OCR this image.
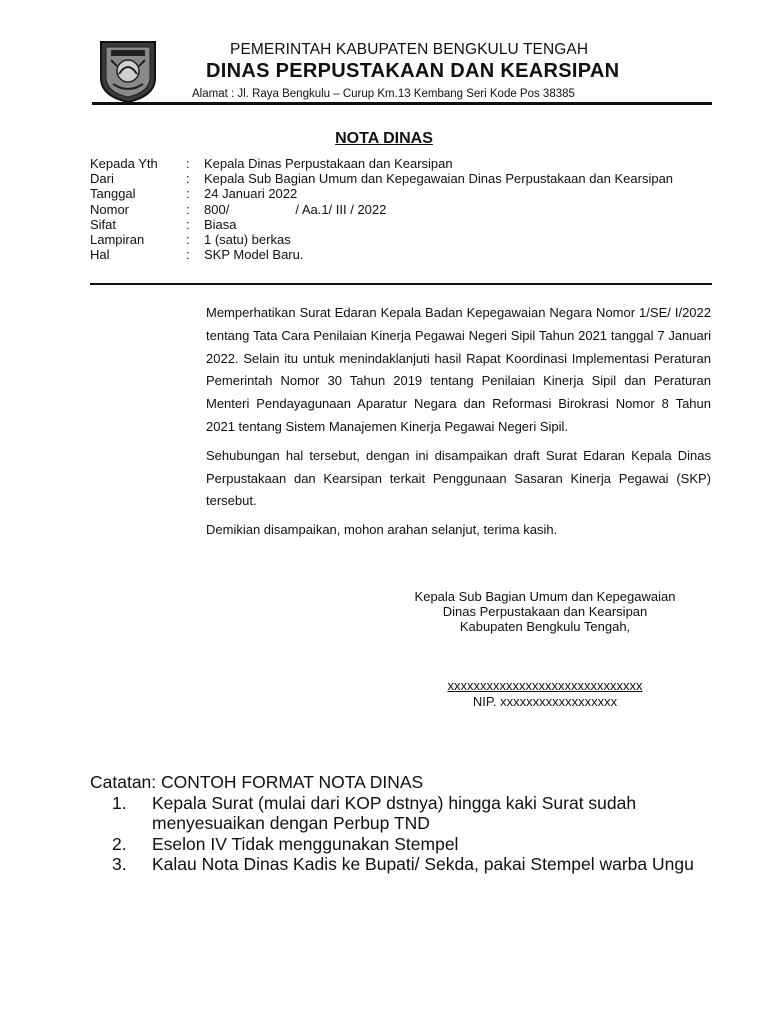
PEMERINTAH KABUPATEN BENGKULU TENGAH
DINAS PERPUSTAKAAN DAN KEARSIPAN
Alamat : Jl. Raya Bengkulu – Curup Km.13 Kembang Seri Kode Pos 38385
NOTA DINAS
Kepada Yth	:	Kepala Dinas Perpustakaan dan Kearsipan
Dari	:	Kepala Sub Bagian Umum dan Kepegawaian Dinas Perpustakaan dan Kearsipan
Tanggal	:	24 Januari 2022
Nomor	:	800/	/ Aa.1/ III / 2022
Sifat	:	Biasa
Lampiran	:	1 (satu) berkas
Hal	:	SKP Model Baru.

Memperhatikan Surat Edaran Kepala Badan Kepegawaian Negara Nomor 1/SE/ I/2022 tentang Tata Cara Penilaian Kinerja Pegawai Negeri Sipil Tahun 2021 tanggal 7 Januari 2022. Selain itu untuk menindaklanjuti hasil Rapat Koordinasi Implementasi Peraturan Pemerintah Nomor 30 Tahun 2019 tentang Penilaian Kinerja Sipil dan Peraturan Menteri Pendayagunaan Aparatur Negara dan Reformasi Birokrasi Nomor 8 Tahun 2021 tentang Sistem Manajemen Kinerja Pegawai Negeri Sipil.

Sehubungan hal tersebut, dengan ini disampaikan draft Surat Edaran Kepala Dinas Perpustakaan dan Kearsipan terkait Penggunaan Sasaran Kinerja Pegawai (SKP) tersebut.

Demikian disampaikan, mohon arahan selanjut, terima kasih.

Kepala Sub Bagian Umum dan Kepegawaian
Dinas Perpustakaan dan Kearsipan
Kabupaten Bengkulu Tengah,
xxxxxxxxxxxxxxxxxxxxxxxxxxxxxx
NIP. xxxxxxxxxxxxxxxxxx
Catatan: CONTOH FORMAT NOTA DINAS
1.	Kepala Surat (mulai dari KOP dstnya) hingga kaki Surat sudah menyesuaikan dengan Perbup TND
2.	Eselon IV Tidak menggunakan Stempel
3.	Kalau Nota Dinas Kadis ke Bupati/ Sekda, pakai Stempel warba Ungu
